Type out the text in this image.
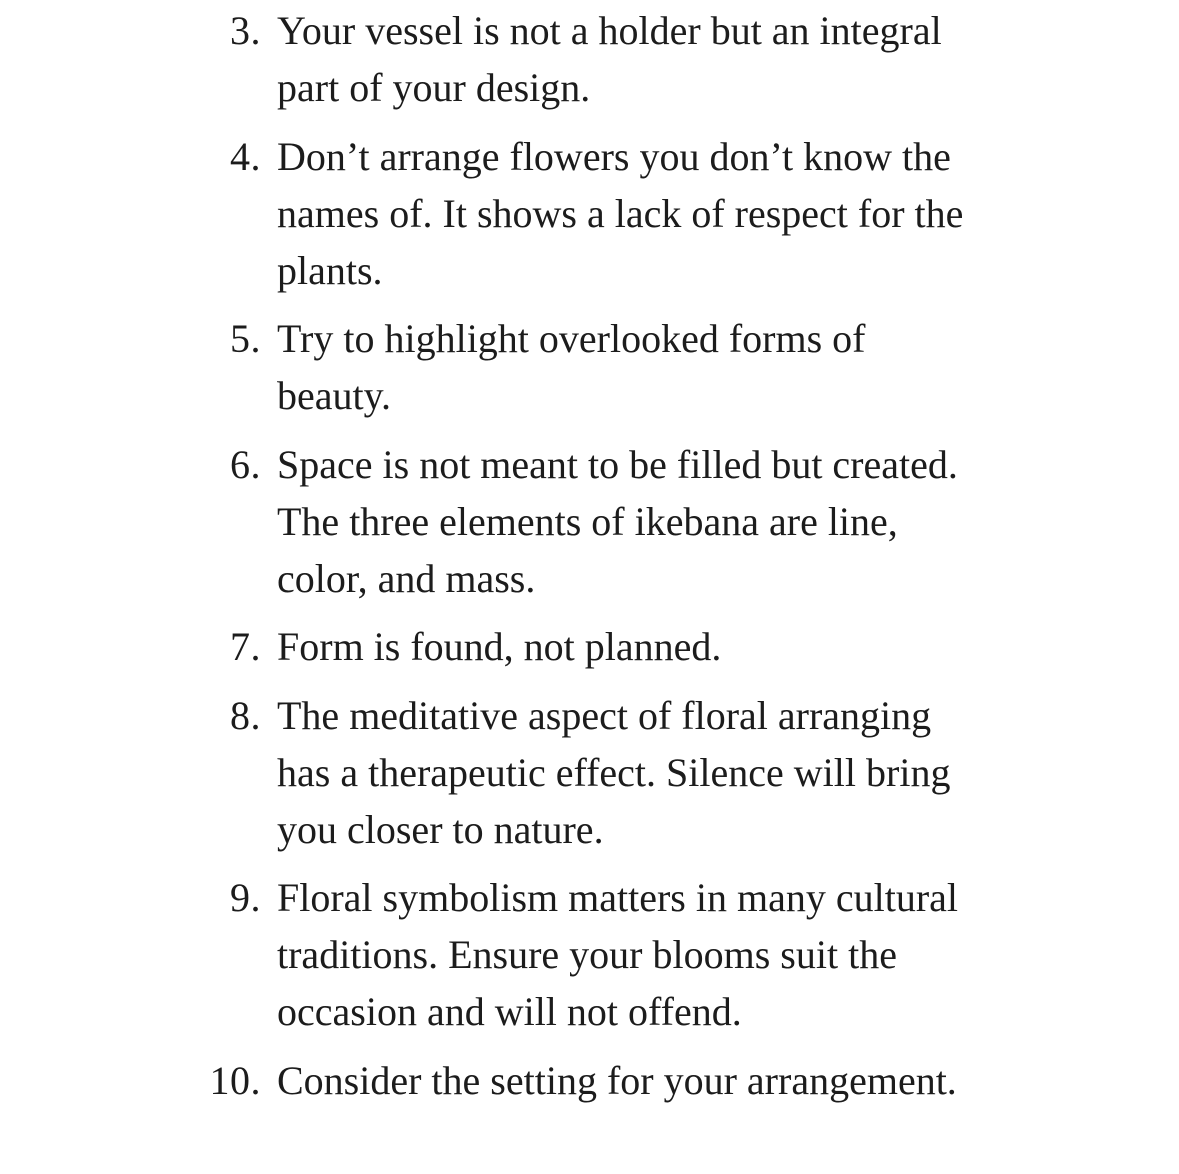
3. Your vessel is not a holder but an integral
part of your design.
4. Don’t arrange flowers you don’t know the
names of. It shows a lack of respect for the
plants.
5. Try to highlight overlooked forms of
beauty.
6. Space is not meant to be filled but created.
The three elements of ikebana are line,
color, and mass.
7. Form is found, not planned.
8. The meditative aspect of floral arranging
has a therapeutic effect. Silence will bring
you closer to nature.
9. Floral symbolism matters in many cultural
traditions. Ensure your blooms suit the
occasion and will not offend.
10. Consider the setting for your arrangement.
